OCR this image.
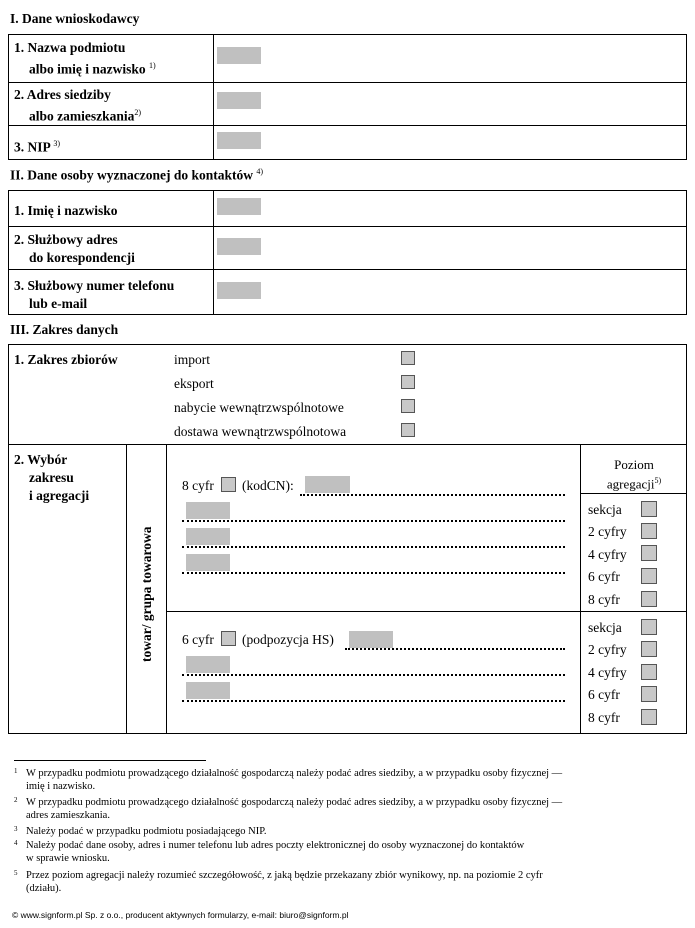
I. Dane wnioskodawcy
1. Nazwa podmiotu
albo imię i nazwisko $^{1)}$
2. Adres siedziby
albo zamieszkania$^{2)}$
3. NIP $^{3)}$
II. Dane osoby wyznaczonej do kontaktów $^{4)}$
1. Imię i nazwisko
2. Służbowy adres
do korespondencji
3. Służbowy numer telefonu
lub e-mail
III. Zakres danych
1. Zakres zbiorów	import
eksport
nabycie wewnątrzwspólnotowe
dostawa wewnątrzwspólnotowa
2. Wybór
zakresu
i agregacji
towar/ grupa towarowa
8 cyfr (kodCN):
6 cyfr (podpozycja HS)
Poziom
agregacji$^{5)}$
sekcja
2 cyfry
4 cyfry
6 cyfr
8 cyfr
sekcja
2 cyfry
4 cyfry
6 cyfr
8 cyfr
1 W przypadku podmiotu prowadzącego działalność gospodarczą należy podać adres siedziby, a w przypadku osoby fizycznej —
imię i nazwisko.
2 W przypadku podmiotu prowadzącego działalność gospodarczą należy podać adres siedziby, a w przypadku osoby fizycznej —
adres zamieszkania.
3 Należy podać w przypadku podmiotu posiadającego NIP.
4 Należy podać dane osoby, adres i numer telefonu lub adres poczty elektronicznej do osoby wyznaczonej do kontaktów
w sprawie wniosku.
5 Przez poziom agregacji należy rozumieć szczegółowość, z jaką będzie przekazany zbiór wynikowy, np. na poziomie 2 cyfr
(działu).
© www.signform.pl Sp. z o.o., producent aktywnych formularzy, e-mail: biuro@signform.pl
